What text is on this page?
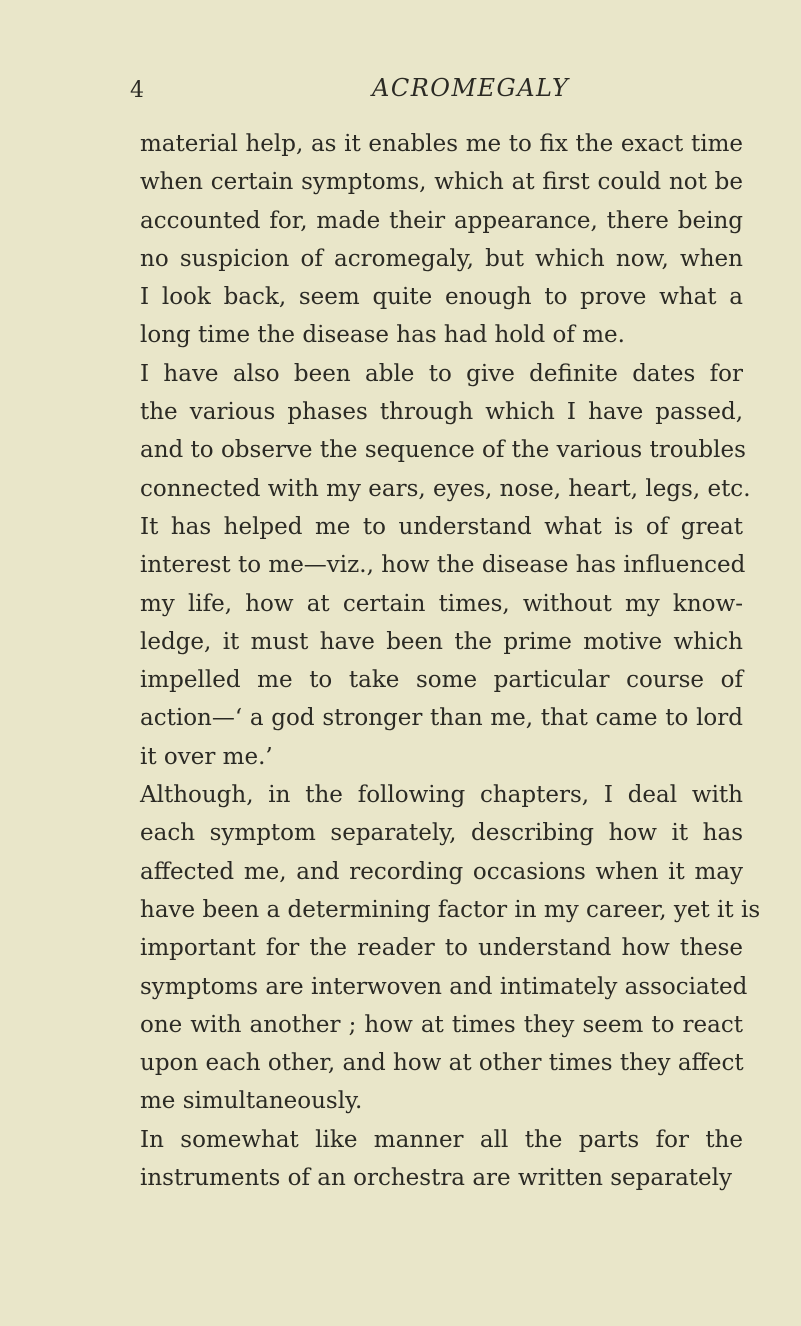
4	ACROMEGALY
material help, as it enables me to fix the exact time
when certain symptoms, which at first could not be
accounted for, made their appearance, there being
no suspicion of acromegaly, but which now, when
I look back, seem quite enough to prove what a
long time the disease has had hold of me.
I have also been able to give definite dates for
the various phases through which I have passed,
and to observe the sequence of the various troubles
connected with my ears, eyes, nose, heart, legs, etc.
It has helped me to understand what is of great
interest to me—viz., how the disease has influenced
my life, how at certain times, without my know-
ledge, it must have been the prime motive which
impelled me to take some particular course of
action—‘ a god stronger than me, that came to lord
it over me.’
Although, in the following chapters, I deal with
each symptom separately, describing how it has
affected me, and recording occasions when it may
have been a determining factor in my career, yet it is
important for the reader to understand how these
symptoms are interwoven and intimately associated
one with another ; how at times they seem to react
upon each other, and how at other times they affect
me simultaneously.
In somewhat like manner all the parts for the
instruments of an orchestra are written separately
